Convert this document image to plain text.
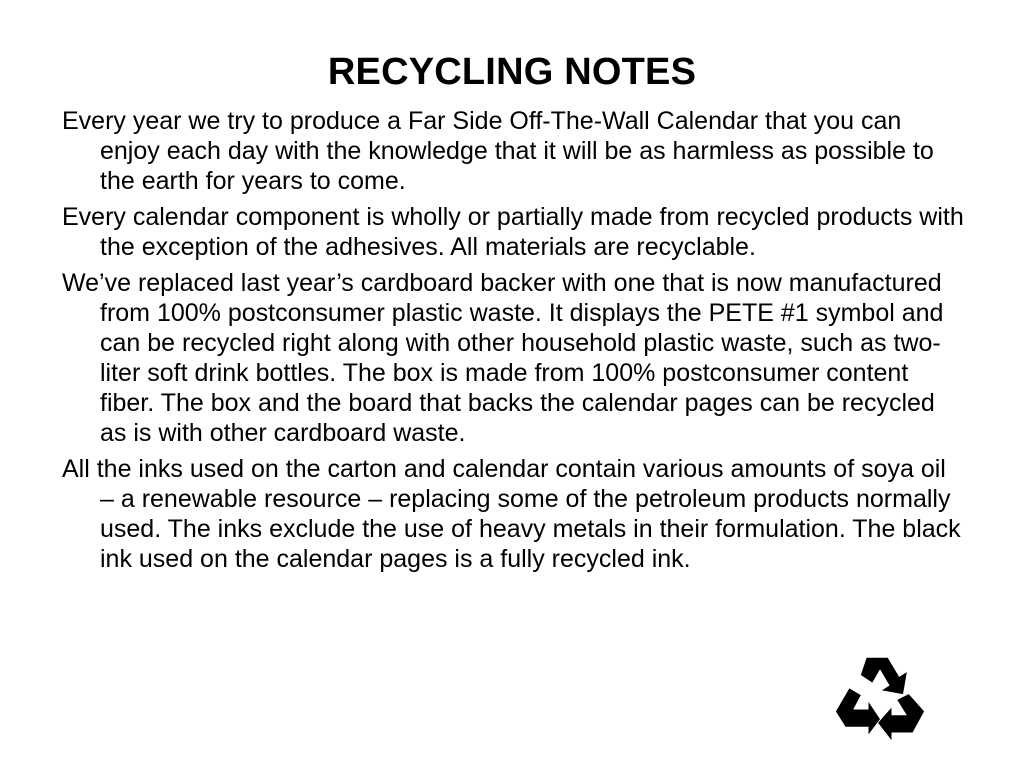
RECYCLING NOTES

Every year we try to produce a Far Side Off-The-Wall Calendar that you can enjoy each day with the knowledge that it will be as harmless as possible to the earth for years to come.

Every calendar component is wholly or partially made from recycled products with the exception of the adhesives. All materials are recyclable.

We’ve replaced last year’s cardboard backer with one that is now manufactured from 100% postconsumer plastic waste. It displays the PETE #1 symbol and can be recycled right along with other household plastic waste, such as two-liter soft drink bottles. The box is made from 100% postconsumer content fiber. The box and the board that backs the calendar pages can be recycled as is with other cardboard waste.

All the inks used on the carton and calendar contain various amounts of soya oil – a renewable resource – replacing some of the petroleum products normally used. The inks exclude the use of heavy metals in their formulation. The black ink used on the calendar pages is a fully recycled ink.
